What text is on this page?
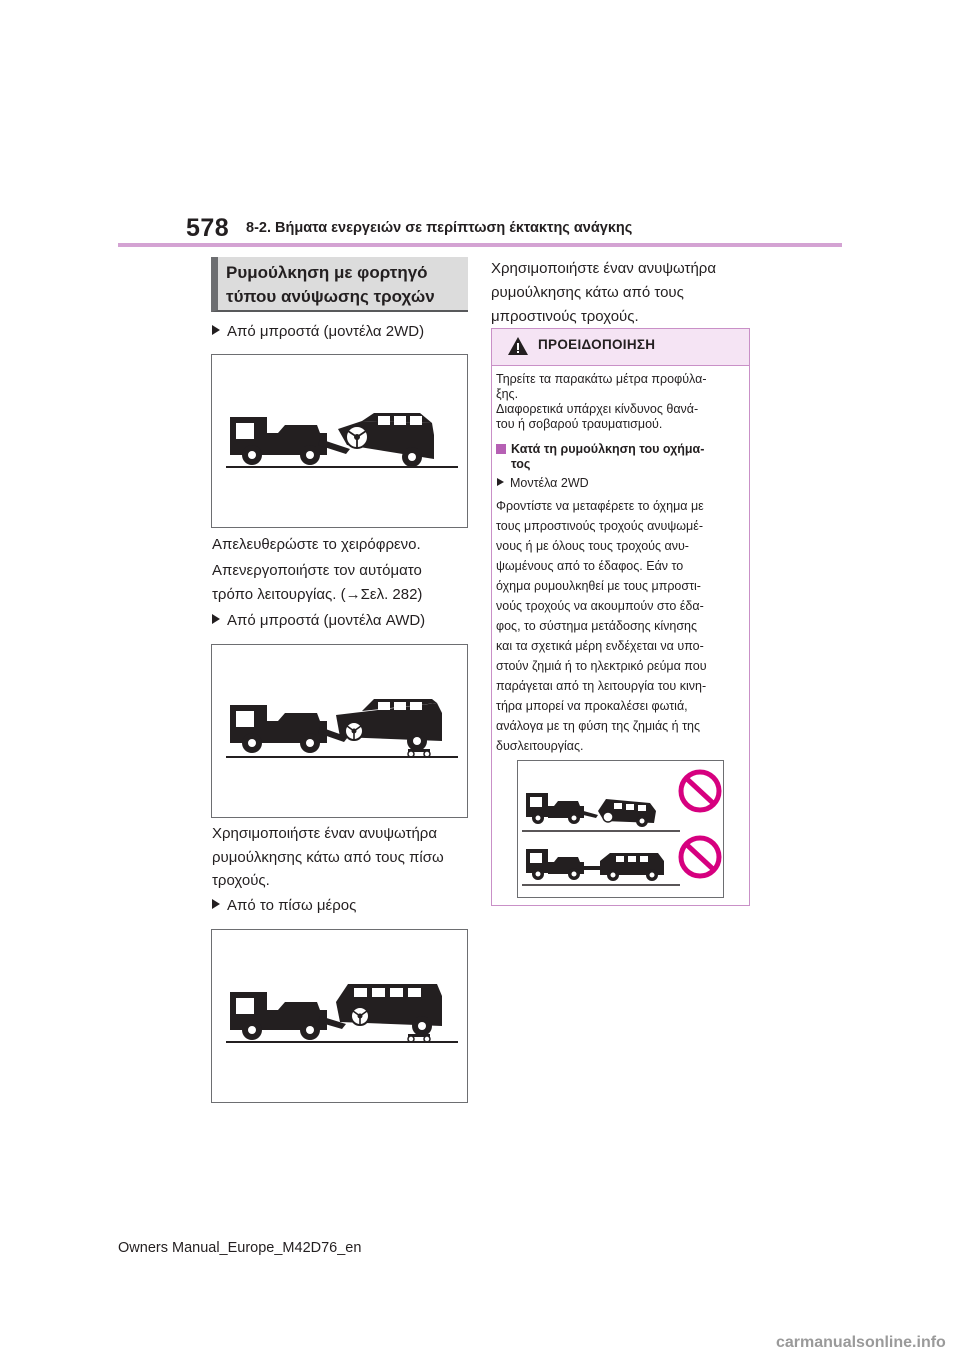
578 8-2. Βήματα ενεργειών σε περίπτωση έκτακτης ανάγκης
Ρυμούλκηση με φορτηγό
τύπου ανύψωσης τροχών
Από μπροστά (μοντέλα 2WD)
Απελευθερώστε το χειρόφρενο.
Απενεργοποιήστε τον αυτόματο
τρόπο λειτουργίας. (→Σελ. 282)
Από μπροστά (μοντέλα AWD)
Χρησιμοποιήστε έναν ανυψωτήρα
ρυμούλκησης κάτω από τους πίσω
τροχούς.
Από το πίσω μέρος
Χρησιμοποιήστε έναν ανυψωτήρα
ρυμούλκησης κάτω από τους
μπροστινούς τροχούς.
ΠΡΟΕΙΔΟΠΟΙΗΣΗ
Τηρείτε τα παρακάτω μέτρα προφύλα-
ξης.
Διαφορετικά υπάρχει κίνδυνος θανά-
του ή σοβαρού τραυματισμού.
Κατά τη ρυμούλκηση του οχήμα-
τος
Μοντέλα 2WD
Φροντίστε να μεταφέρετε το όχημα με
τους μπροστινούς τροχούς ανυψωμέ-
νους ή με όλους τους τροχούς ανυ-
ψωμένους από το έδαφος. Εάν το
όχημα ρυμουλκηθεί με τους μπροστι-
νούς τροχούς να ακουμπούν στο έδα-
φος, το σύστημα μετάδοσης κίνησης
και τα σχετικά μέρη ενδέχεται να υπο-
στούν ζημιά ή το ηλεκτρικό ρεύμα που
παράγεται από τη λειτουργία του κινη-
τήρα μπορεί να προκαλέσει φωτιά,
ανάλογα με τη φύση της ζημιάς ή της
δυσλειτουργίας.
Owners Manual_Europe_M42D76_en
carmanualsonline.info
